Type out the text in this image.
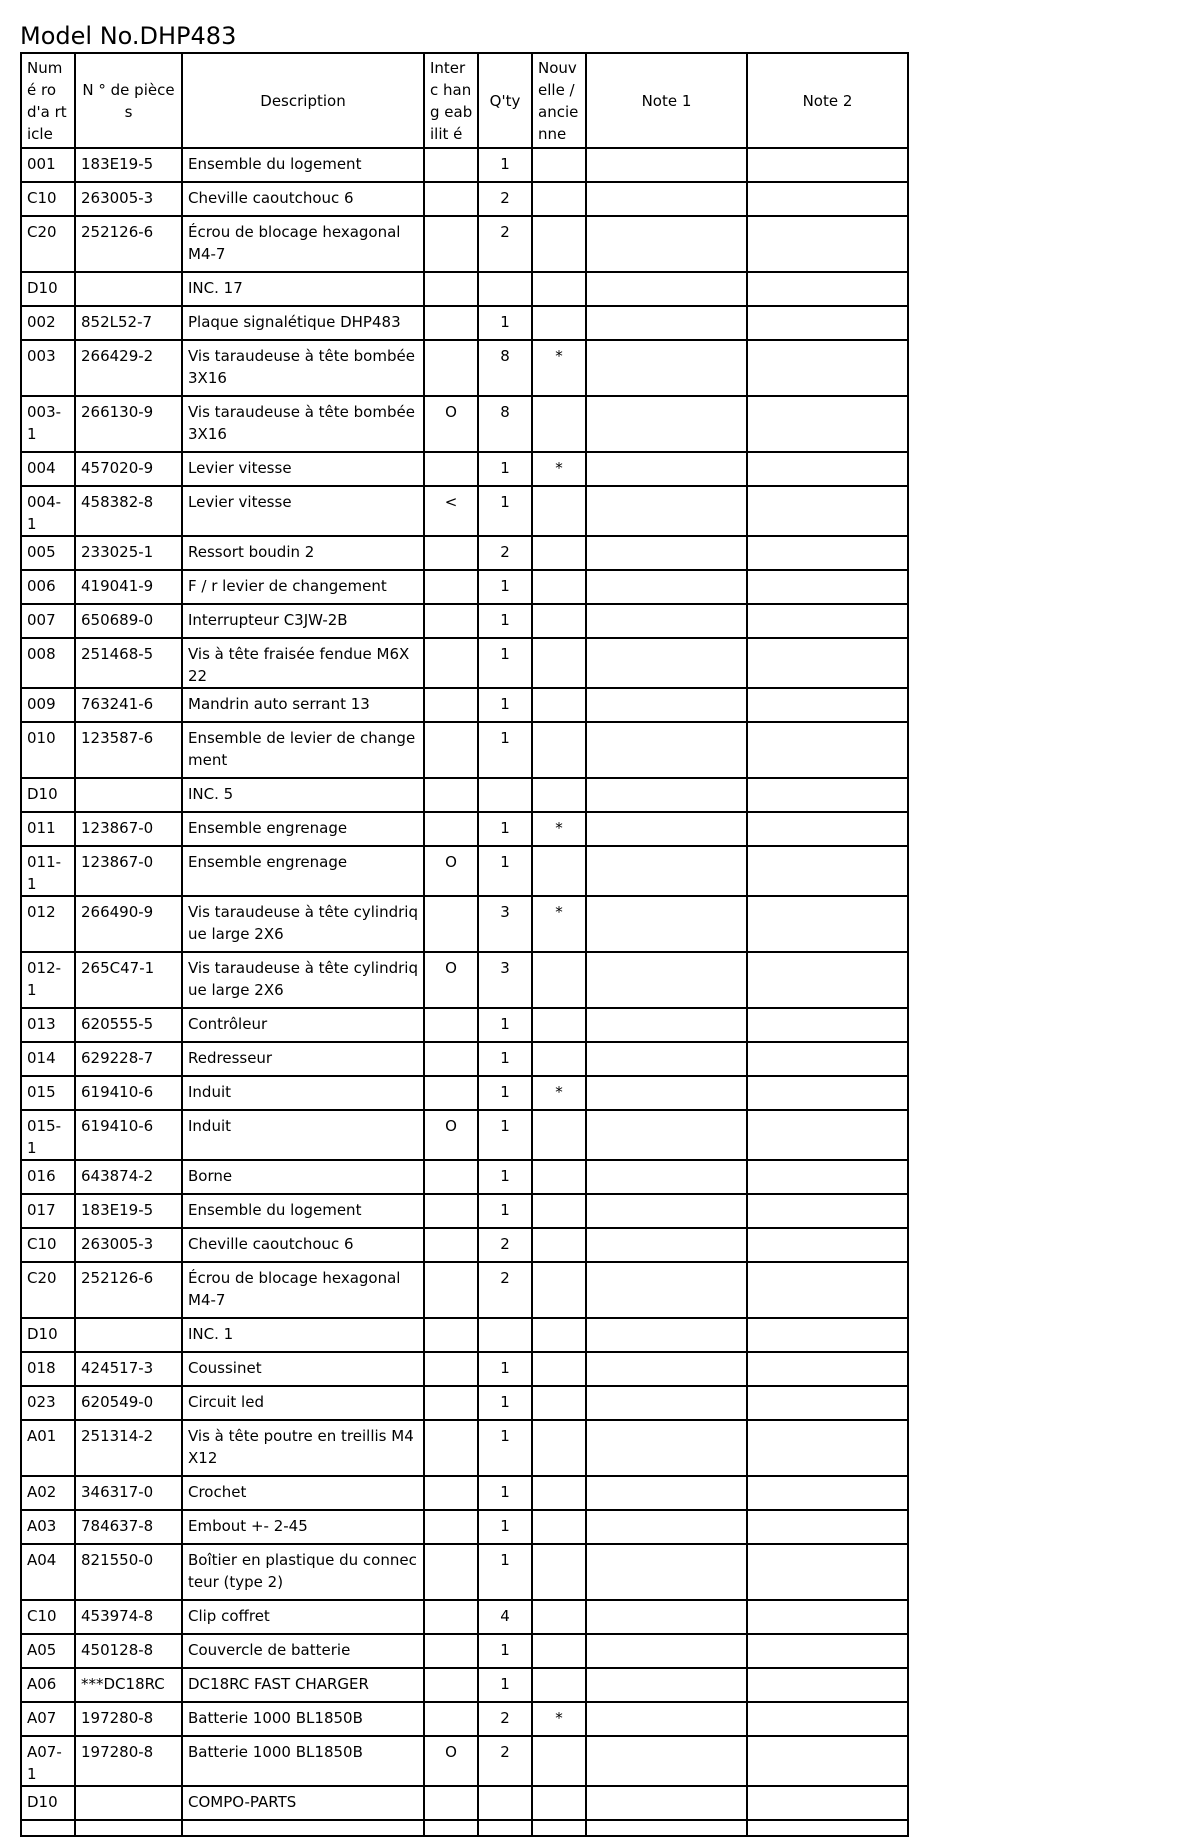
Model No.DHP483
Numé ro d'a rticle	N ° de pièces	Description	Interc hang eabilit é	Q'ty	Nouv elle / ancie nne	Note 1	Note 2
001	183E19-5	Ensemble du logement		1			
C10	263005-3	Cheville caoutchouc 6		2			
C20	252126-6	Écrou de blocage hexagonal M4-7		2			
D10		INC. 17					
002	852L52-7	Plaque signalétique DHP483		1			
003	266429-2	Vis taraudeuse à tête bombée 3X16		8	*		
003-1	266130-9	Vis taraudeuse à tête bombée 3X16	O	8			
004	457020-9	Levier vitesse		1	*		
004-1	458382-8	Levier vitesse	<	1			
005	233025-1	Ressort boudin 2		2			
006	419041-9	F / r levier de changement		1			
007	650689-0	Interrupteur C3JW-2B		1			
008	251468-5	Vis à tête fraisée fendue M6X22		1			
009	763241-6	Mandrin auto serrant 13		1			
010	123587-6	Ensemble de levier de changement		1			
D10		INC. 5					
011	123867-0	Ensemble engrenage		1	*		
011-1	123867-0	Ensemble engrenage	O	1			
012	266490-9	Vis taraudeuse à tête cylindrique large 2X6		3	*		
012-1	265C47-1	Vis taraudeuse à tête cylindrique large 2X6	O	3			
013	620555-5	Contrôleur		1			
014	629228-7	Redresseur		1			
015	619410-6	Induit		1	*		
015-1	619410-6	Induit	O	1			
016	643874-2	Borne		1			
017	183E19-5	Ensemble du logement		1			
C10	263005-3	Cheville caoutchouc 6		2			
C20	252126-6	Écrou de blocage hexagonal M4-7		2			
D10		INC. 1					
018	424517-3	Coussinet		1			
023	620549-0	Circuit led		1			
A01	251314-2	Vis à tête poutre en treillis M4X12		1			
A02	346317-0	Crochet		1			
A03	784637-8	Embout +- 2-45		1			
A04	821550-0	Boîtier en plastique du connecteur (type 2)		1			
C10	453974-8	Clip coffret		4			
A05	450128-8	Couvercle de batterie		1			
A06	***DC18RC	DC18RC FAST CHARGER		1			
A07	197280-8	Batterie 1000 BL1850B		2	*		
A07-1	197280-8	Batterie 1000 BL1850B	O	2			
D10		COMPO-PARTS					
